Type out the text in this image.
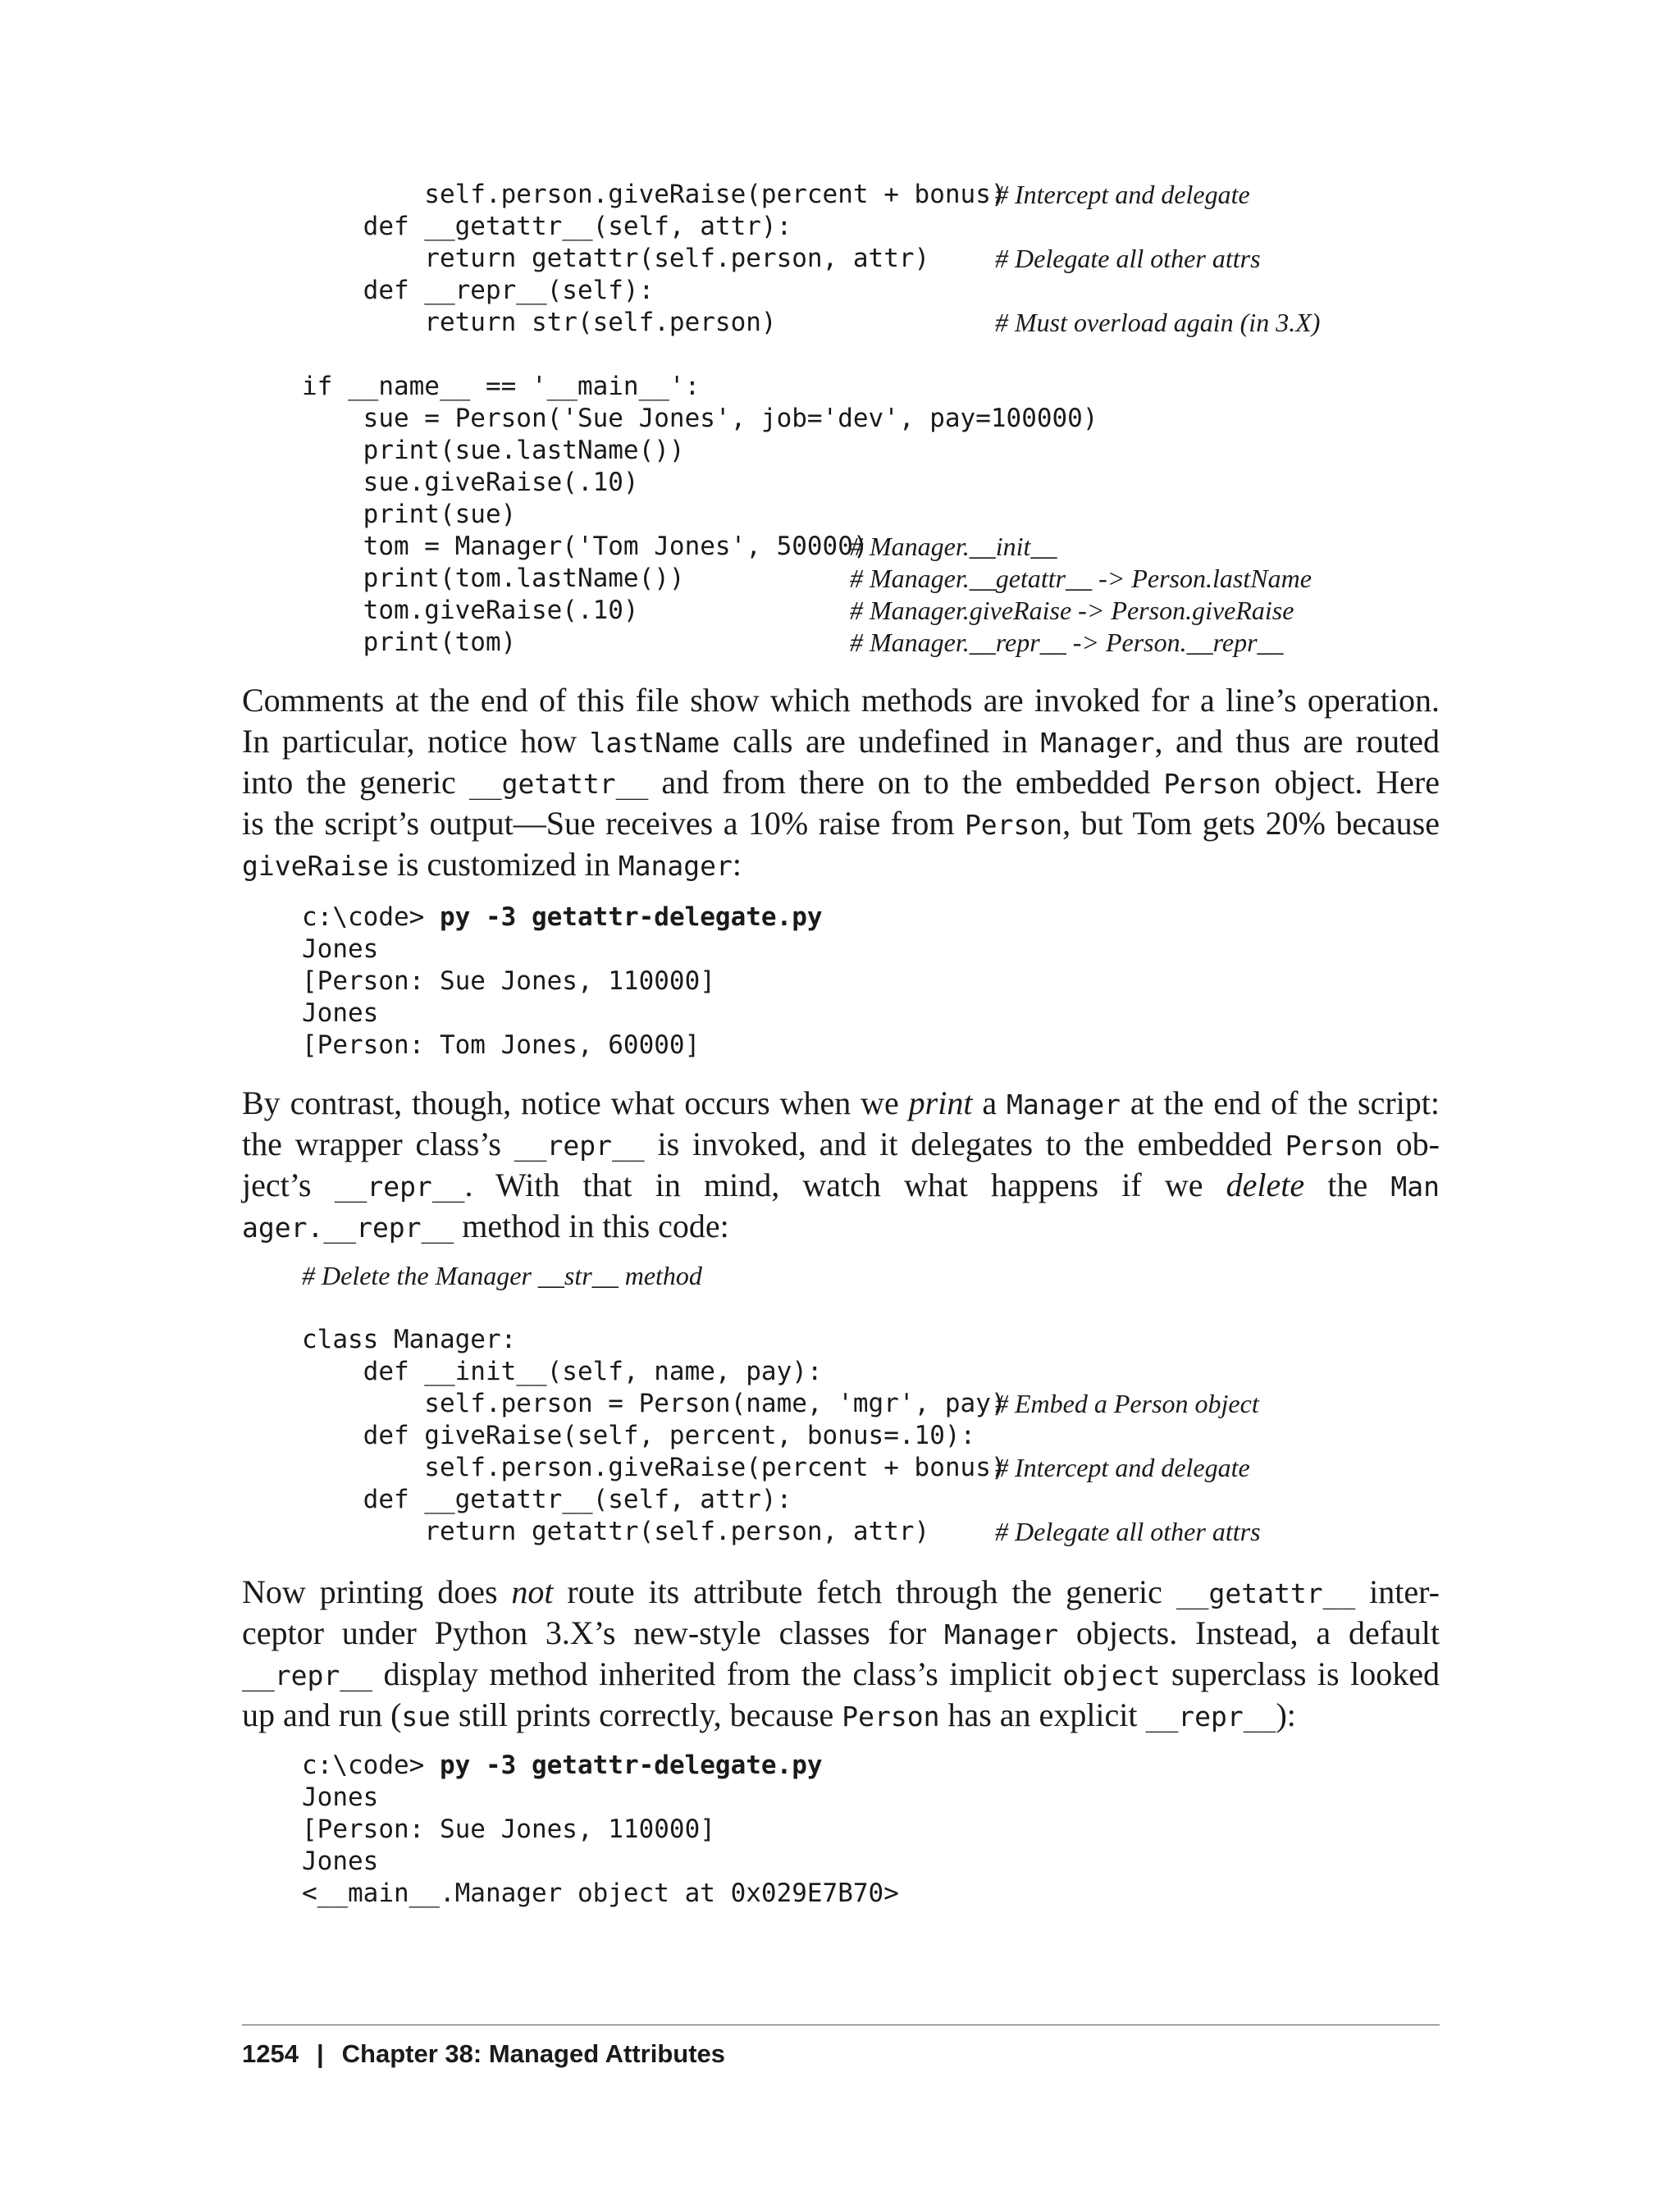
self.person.giveRaise(percent + bonus)
# Intercept and delegate
def __getattr__(self, attr):
return getattr(self.person, attr) # Delegate all other attrs
def __repr__(self):
return str(self.person)	# Must overload again (in 3.X)
if __name__ == '__main__':
sue = Person('Sue Jones', job='dev', pay=100000)
print(sue.lastName())
sue.giveRaise(.10)
print(sue)
tom = Manager('Tom Jones', 50000)
# Manager.__init__
print(tom.lastName())	# Manager.__getattr__ -> Person.lastName
tom.giveRaise(.10)	# Manager.giveRaise -> Person.giveRaise
print(tom)	# Manager.__repr__ -> Person.__repr__
Comments at the end of this file show which methods are invoked for a line’s operation.
In particular, notice how lastName calls are undefined in Manager, and thus are routed
into the generic __getattr__ and from there on to the embedded Person object. Here
is the script’s output—Sue receives a 10% raise from Person, but Tom gets 20% because
giveRaise is customized in Manager:
c:\code> py -3 getattr-delegate.py
Jones
[Person: Sue Jones, 110000]
Jones
[Person: Tom Jones, 60000]
By contrast, though, notice what occurs when we print a Manager at the end of the script:
the wrapper class’s __repr__ is invoked, and it delegates to the embedded Person ob-
ject’s __repr__. With that in mind, watch what happens if we delete the Man
ager.__repr__ method in this code:
# Delete the Manager __str__ method
class Manager:
def __init__(self, name, pay):
self.person = Person(name, 'mgr', pay)
# Embed a Person object
def giveRaise(self, percent, bonus=.10):
self.person.giveRaise(percent + bonus)
# Intercept and delegate
def __getattr__(self, attr):
return getattr(self.person, attr) # Delegate all other attrs
Now printing does not route its attribute fetch through the generic __getattr__ inter-
ceptor under Python 3.X’s new-style classes for Manager objects. Instead, a default
__repr__ display method inherited from the class’s implicit object superclass is looked
up and run (sue still prints correctly, because Person has an explicit __repr__):
c:\code> py -3 getattr-delegate.py
Jones
[Person: Sue Jones, 110000]
Jones
<__main__.Manager object at 0x029E7B70>
1254 | Chapter 38: Managed Attributes
